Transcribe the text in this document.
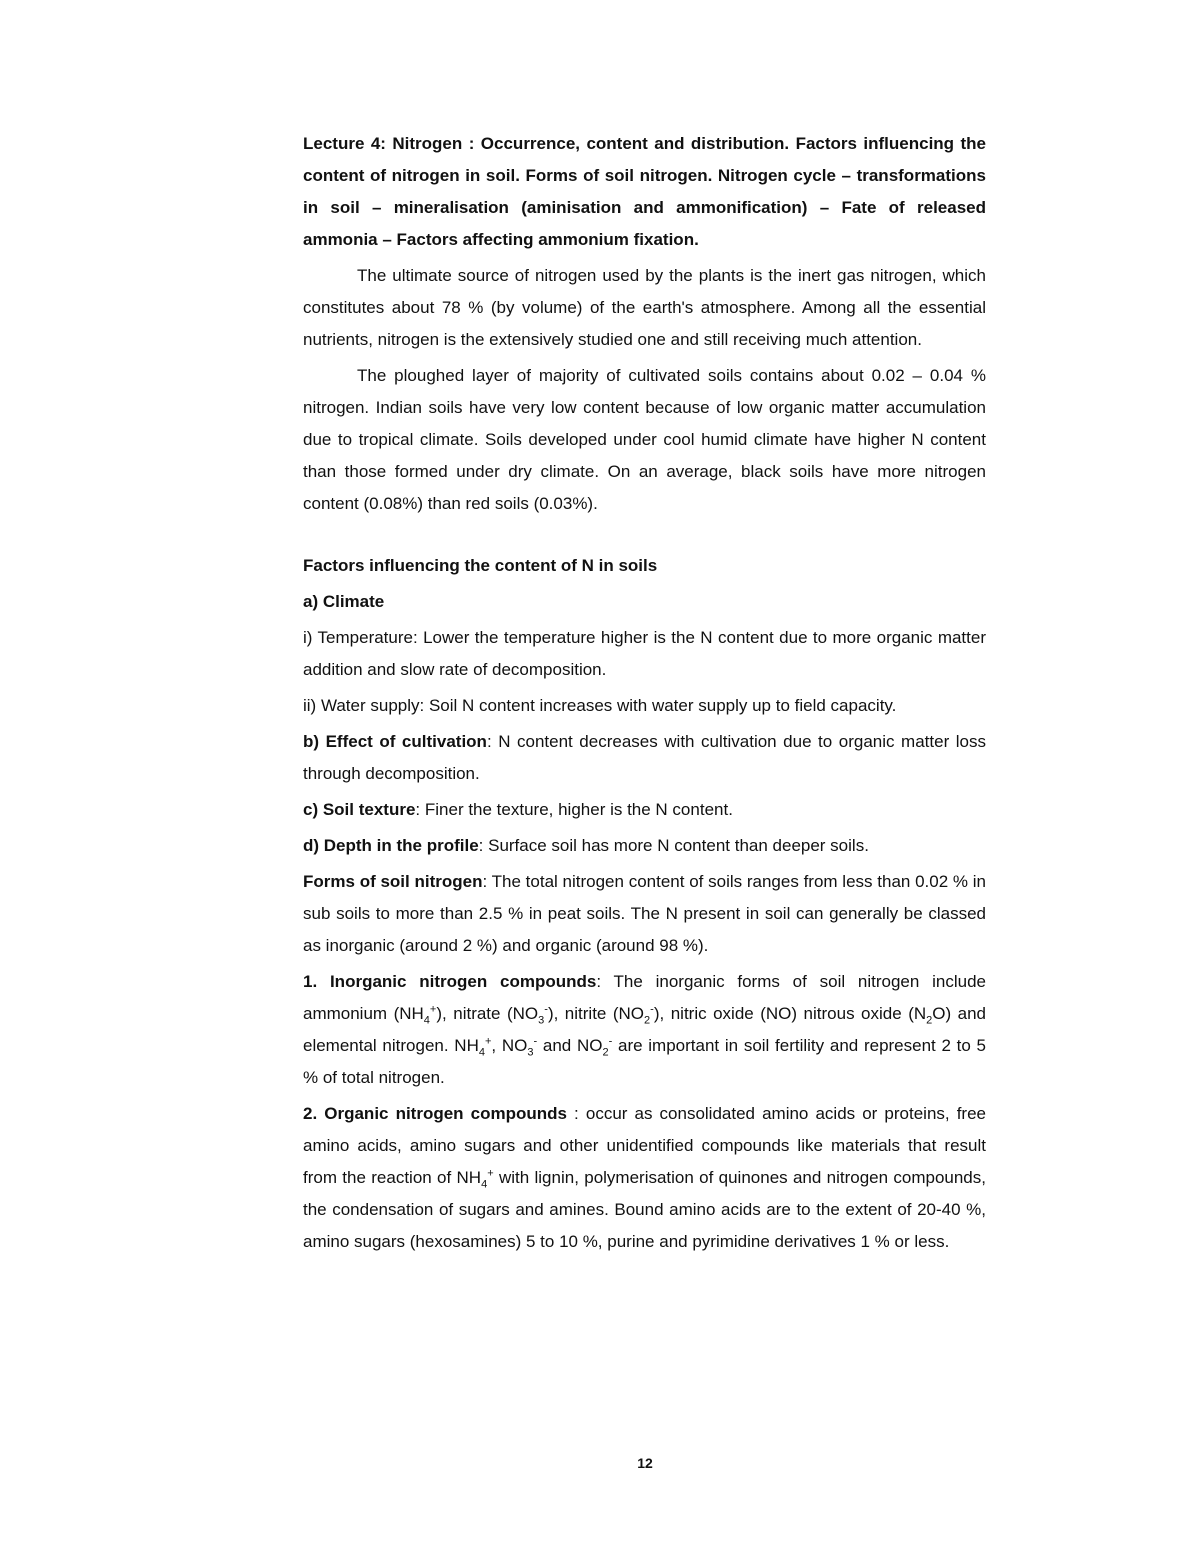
Lecture 4: Nitrogen : Occurrence, content and distribution. Factors influencing the content of nitrogen in soil. Forms of soil nitrogen. Nitrogen cycle – transformations in soil – mineralisation (aminisation and ammonification) – Fate of released ammonia – Factors affecting ammonium fixation.

The ultimate source of nitrogen used by the plants is the inert gas nitrogen, which constitutes about 78 % (by volume) of the earth's atmosphere. Among all the essential nutrients, nitrogen is the extensively studied one and still receiving much attention.

The ploughed layer of majority of cultivated soils contains about 0.02 – 0.04 % nitrogen. Indian soils have very low content because of low organic matter accumulation due to tropical climate. Soils developed under cool humid climate have higher N content than those formed under dry climate. On an average, black soils have more nitrogen content (0.08%) than red soils (0.03%).

Factors influencing the content of N in soils

a) Climate

i) Temperature: Lower the temperature higher is the N content due to more organic matter addition and slow rate of decomposition.

ii) Water supply: Soil N content increases with water supply up to field capacity.

b) Effect of cultivation: N content decreases with cultivation due to organic matter loss through decomposition.

c) Soil texture: Finer the texture, higher is the N content.

d) Depth in the profile: Surface soil has more N content than deeper soils.

Forms of soil nitrogen: The total nitrogen content of soils ranges from less than 0.02 % in sub soils to more than 2.5 % in peat soils. The N present in soil can generally be classed as inorganic (around 2 %) and organic (around 98 %).

1. Inorganic nitrogen compounds: The inorganic forms of soil nitrogen include ammonium $(NH_4^+)$, nitrate $(NO_3^-)$, nitrite $(NO_2^-)$, nitric oxide (NO) nitrous oxide $(N_2O)$ and elemental nitrogen. $NH_4^+$, $NO_3^-$ and $NO_2^-$ are important in soil fertility and represent 2 to 5 % of total nitrogen.

2. Organic nitrogen compounds : occur as consolidated amino acids or proteins, free amino acids, amino sugars and other unidentified compounds like materials that result from the reaction of $NH_4^+$ with lignin, polymerisation of quinones and nitrogen compounds, the condensation of sugars and amines. Bound amino acids are to the extent of 20-40 %, amino sugars (hexosamines) 5 to 10 %, purine and pyrimidine derivatives 1 % or less.

12
